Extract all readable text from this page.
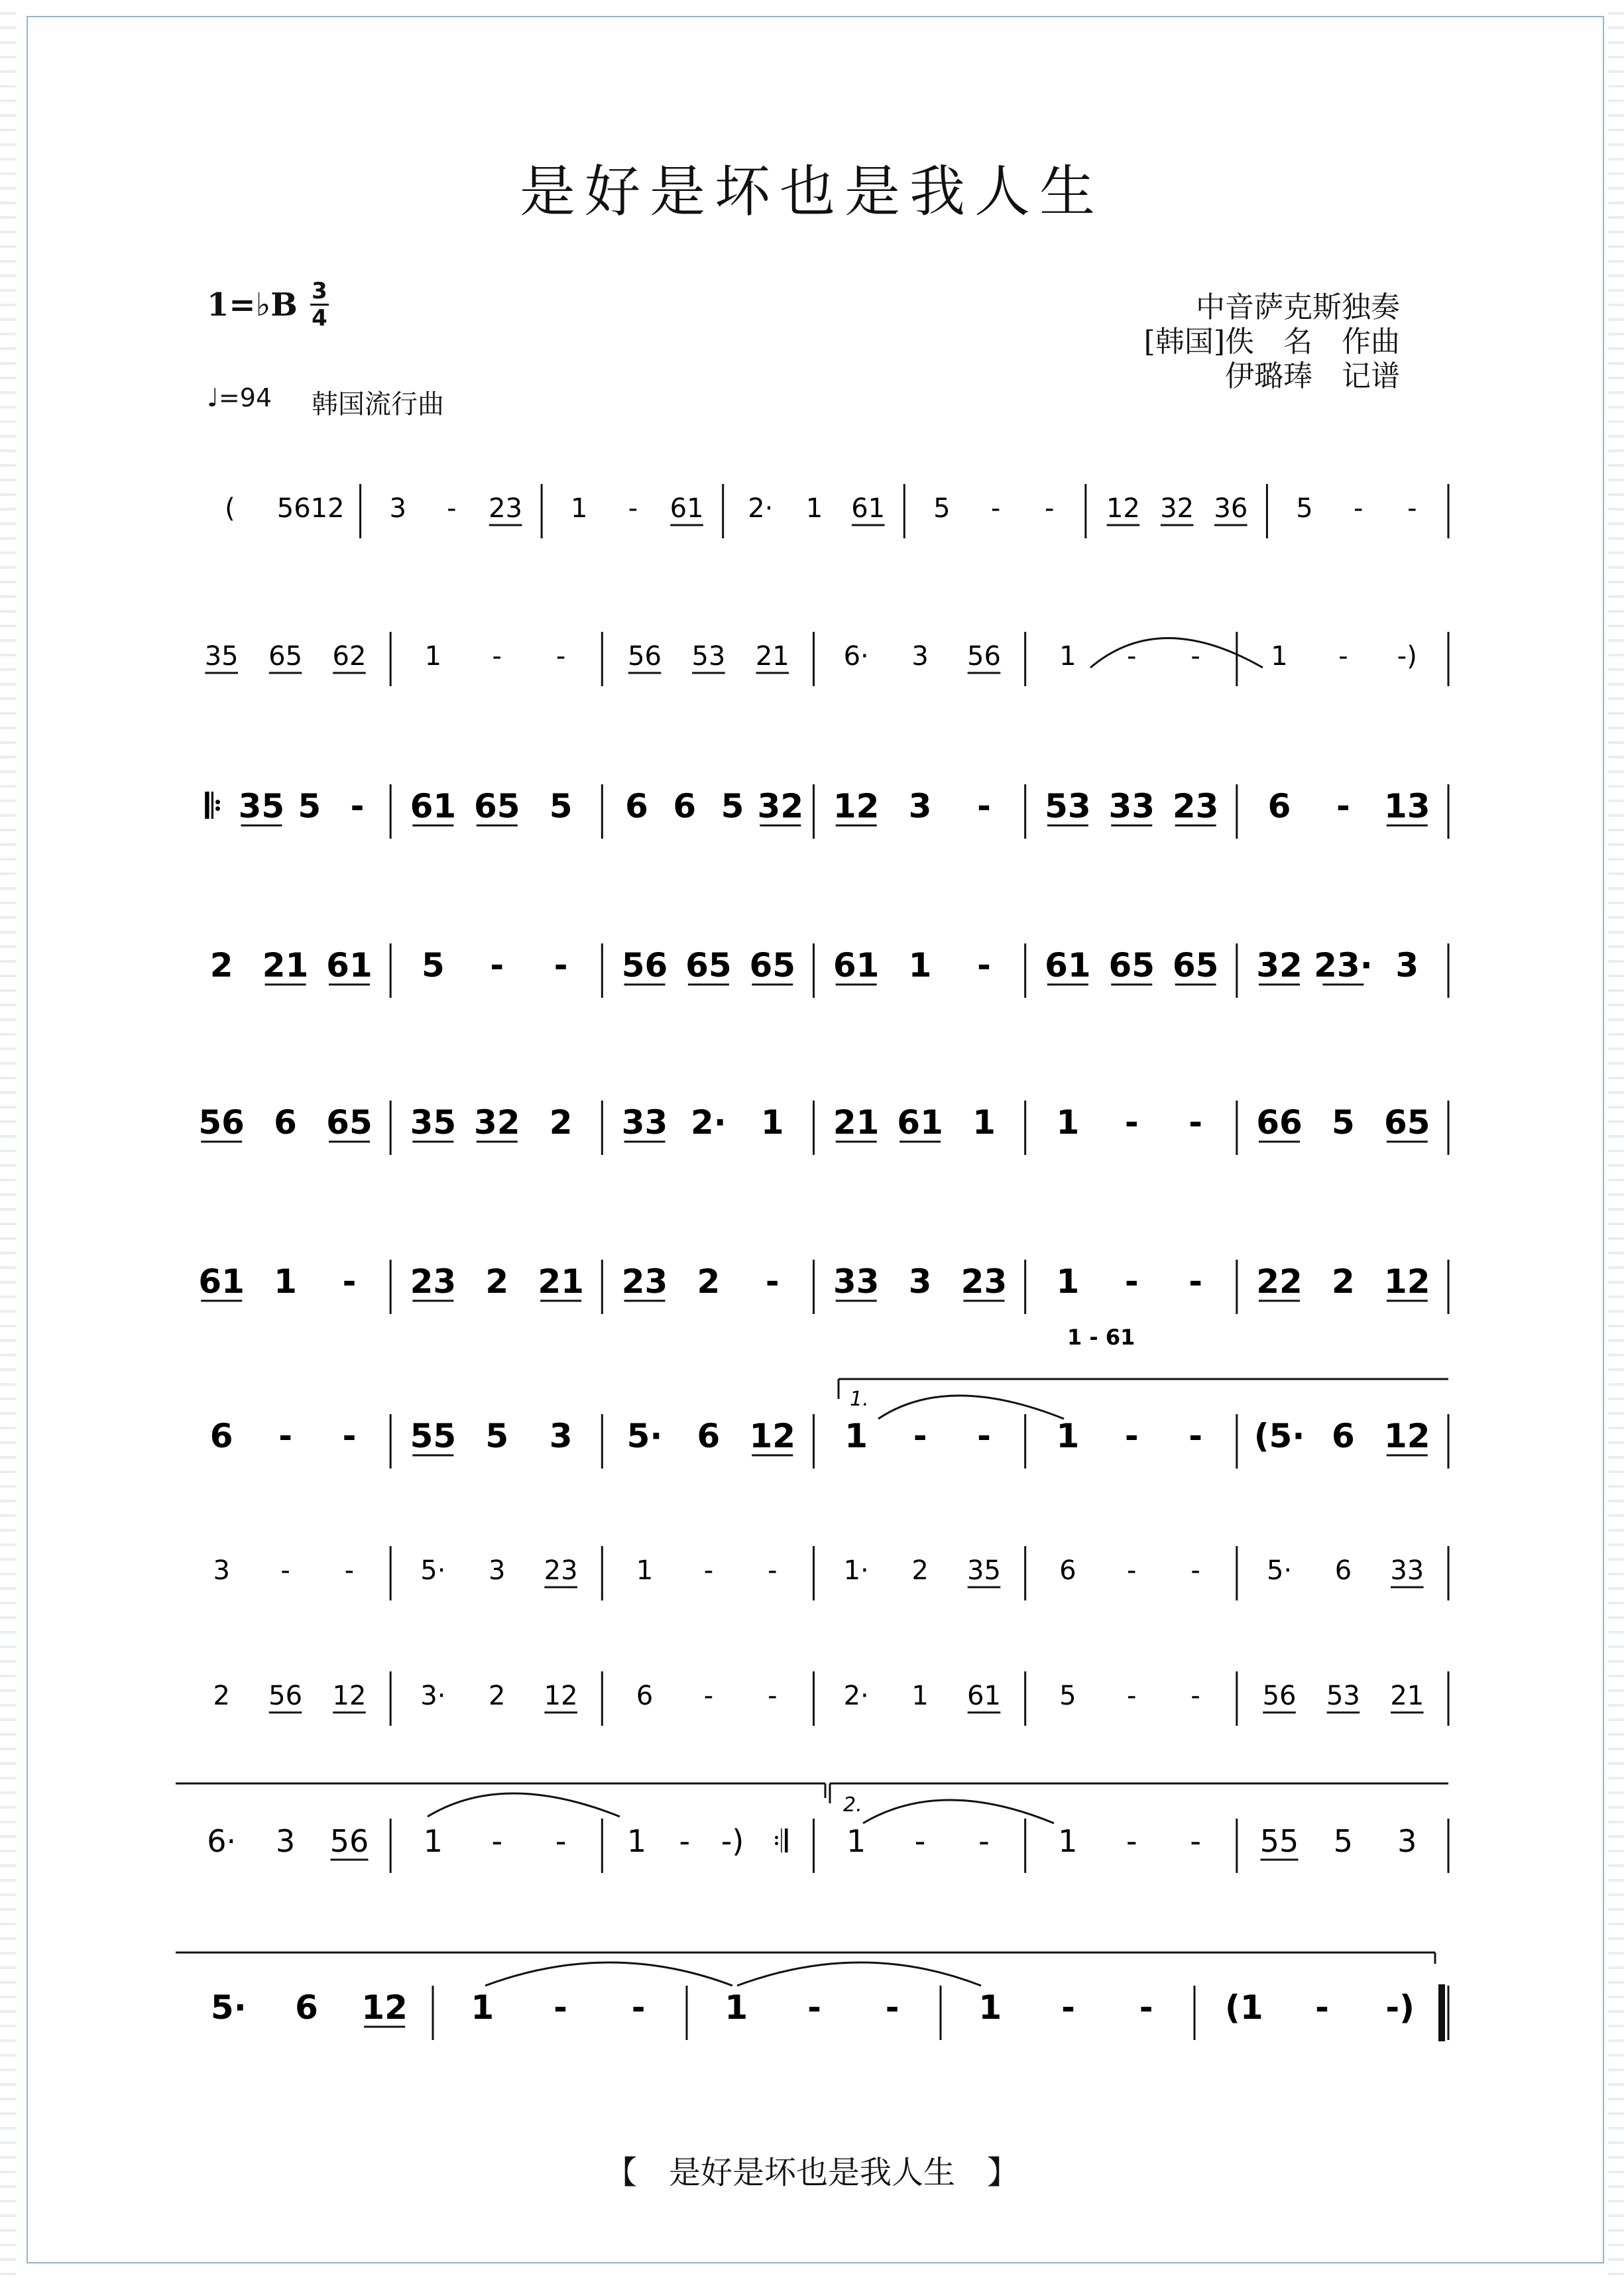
是好是坏也是我人生
1=♭B 3
4
♩=94 韩国流行曲
中音萨克斯独奏
[韩国]佚　名　作曲
伊璐琫　记谱
( 5612 3 - 23 1 - 61 2· 1 61 5 - - 12 32 36 5 - -
35 65 62 1 - - 56 53 21 6· 3 56 1 - -	1 - -)
𝄆 35 5 - 61 65 5 6 6 5 32 12 3 - 53 33 23 6 - 13
2 21 61 5 - - 56 65 65 61 1 - 61 65 65 32 23· 3
56 6 65 35 32 2 33 2· 1 21 61 1 1 - - 66 5 65
61 1 - 23 2 21 23 2 - 33 3 23 1 - - 22 2 12
6 - - 55 5 3 5· 6 12 1 - - 1 - - (5· 6 12
3 - -	5· 3 23 1 - -	1· 2 35 6 - -	5· 6 33
2 56 12 3· 2 12 6 - -	2· 1 61 5 - - 56 53 21
6· 3 56 1 - - 1 - -) 𝄇 1 - - 1 - - 55 5 3
5· 6 12 1 - - 1 - - 1 - - (1 - -)
1.
2.
1 - 61
【　是好是坏也是我人生　】
